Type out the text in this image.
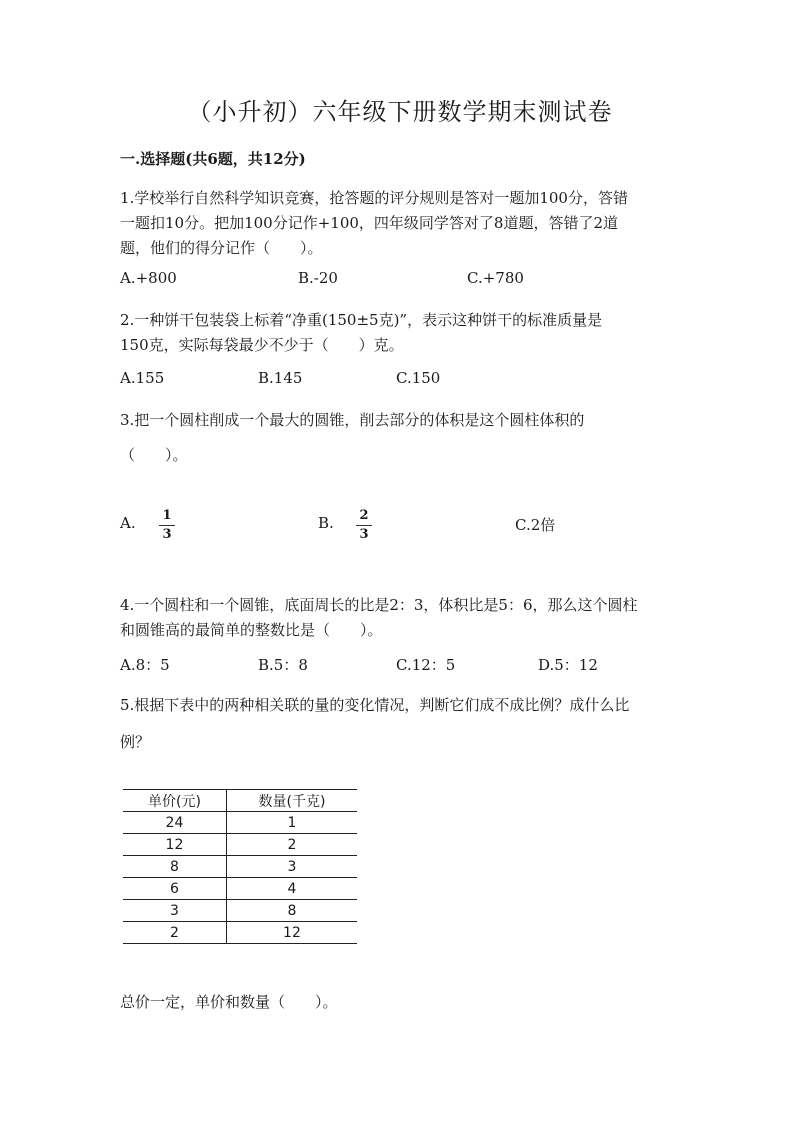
（小升初）六年级下册数学期末测试卷
一.选择题(共6题，共12分)
1.学校举行自然科学知识竞赛，抢答题的评分规则是答对一题加100分，答错
一题扣10分。把加100分记作+100，四年级同学答对了8道题，答错了2道
题，他们的得分记作（　　）。
A.+800	B.-20	C.+780
2.一种饼干包装袋上标着“净重(150±5克)”，表示这种饼干的标准质量是
150克，实际每袋最少不少于（　　）克。
A.155	B.145	C.150
3.把一个圆柱削成一个最大的圆锥，削去部分的体积是这个圆柱体积的
（　　）。
A. 1
3
B. 2
3
C.2倍
4.一个圆柱和一个圆锥，底面周长的比是2：3，体积比是5：6，那么这个圆柱
和圆锥高的最简单的整数比是（　　）。
A.8：5	B.5：8	C.12：5	D.5：12
5.根据下表中的两种相关联的量的变化情况，判断它们成不成比例？成什么比
例？
单价(元)	数量(千克)
24	1
12	2
8	3
6	4
3	8
2	12
总价一定，单价和数量（　　）。
